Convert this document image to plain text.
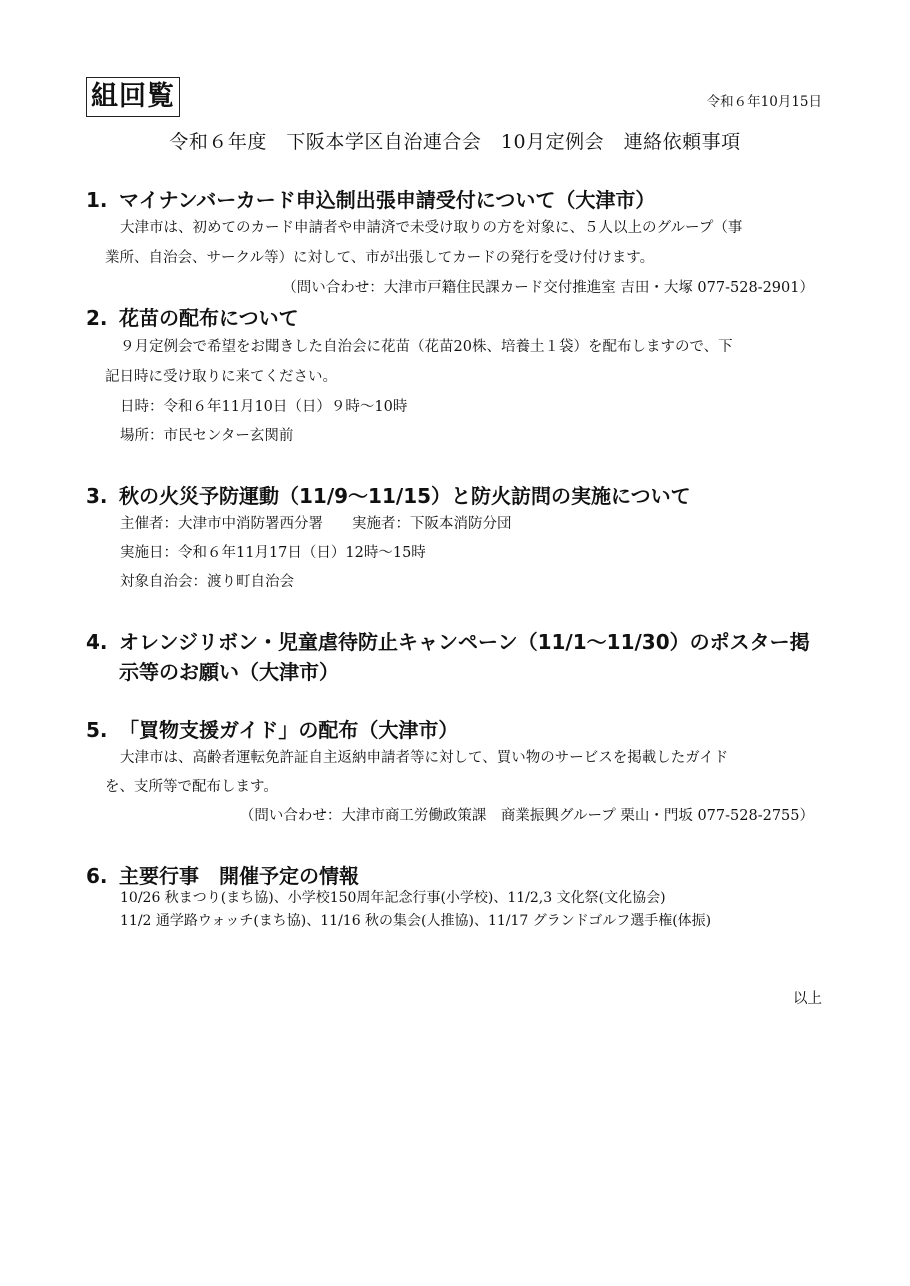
組回覧	令和６年10月15日
令和６年度　下阪本学区自治連合会　10月定例会　連絡依頼事項
1. マイナンバーカード申込制出張申請受付について（大津市）
大津市は、初めてのカード申請者や申請済で未受け取りの方を対象に、５人以上のグループ（事
業所、自治会、サークル等）に対して、市が出張してカードの発行を受け付けます。
（問い合わせ：大津市戸籍住民課カード交付推進室 吉田・大塚 077-528-2901）
2. 花苗の配布について
９月定例会で希望をお聞きした自治会に花苗（花苗20株、培養土１袋）を配布しますので、下
記日時に受け取りに来てください。
日時：令和６年11月10日（日）９時～10時
場所：市民センター玄関前
3. 秋の火災予防運動（11/9～11/15）と防火訪問の実施について
主催者：大津市中消防署西分署　　実施者：下阪本消防分団
実施日：令和６年11月17日（日）12時～15時
対象自治会：渡り町自治会
4. オレンジリボン・児童虐待防止キャンペーン（11/1～11/30）のポスター掲
示等のお願い（大津市）
5. 「買物支援ガイド」の配布（大津市）
大津市は、高齢者運転免許証自主返納申請者等に対して、買い物のサービスを掲載したガイド
を、支所等で配布します。
（問い合わせ：大津市商工労働政策課　商業振興グループ 栗山・門坂 077-528-2755）
6. 主要行事　開催予定の情報
10/26 秋まつり(まち協)、小学校150周年記念行事(小学校)、11/2,3 文化祭(文化協会)
11/2 通学路ウォッチ(まち協)、11/16 秋の集会(人推協)、11/17 グランドゴルフ選手権(体振)
以上
